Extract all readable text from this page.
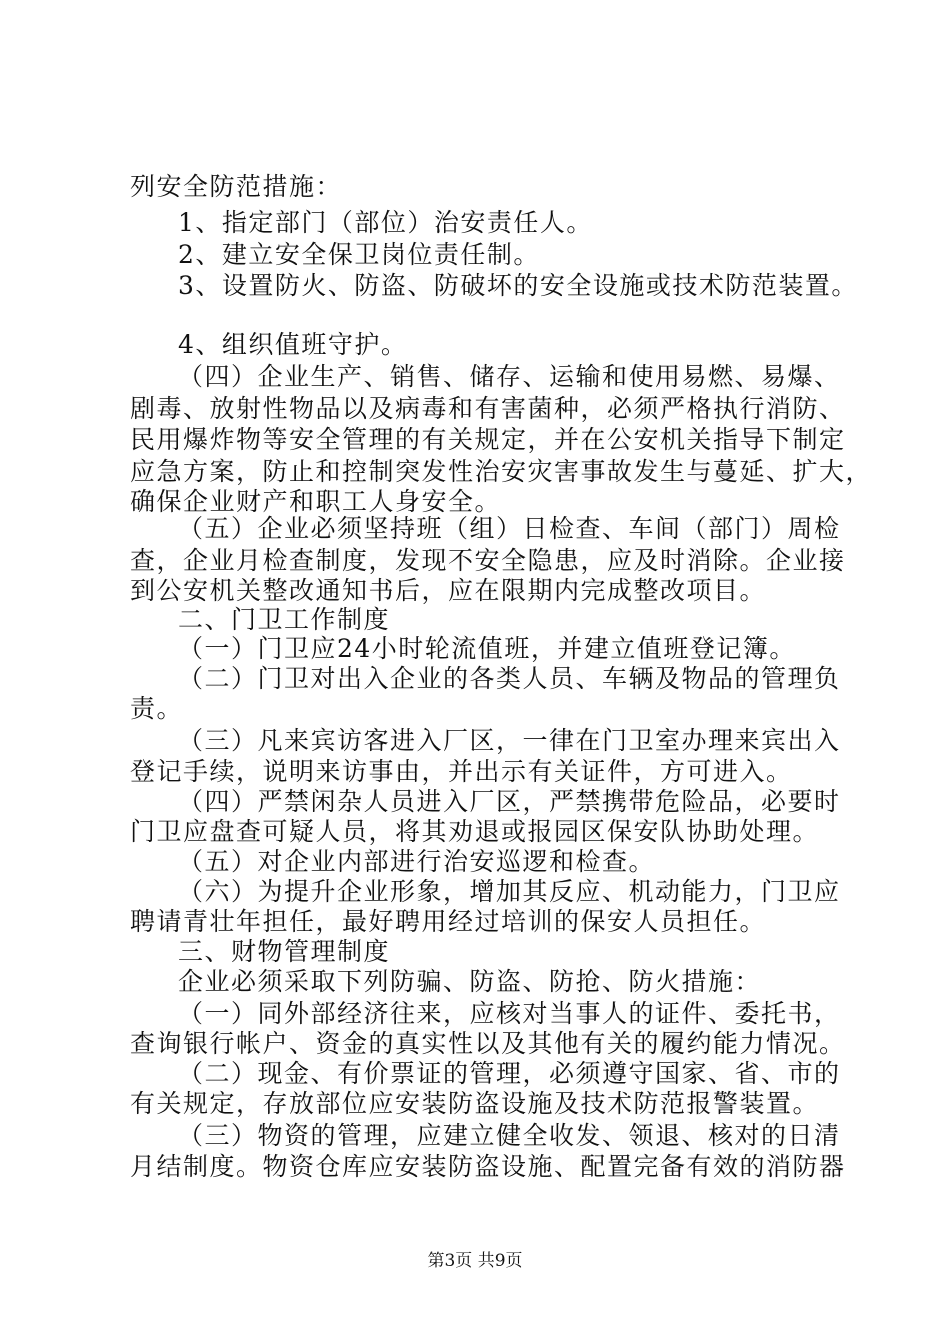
列安全防范措施：
1、指定部门（部位）治安责任人。
2、建立安全保卫岗位责任制。
3、设置防火、防盗、防破坏的安全设施或技术防范装置。
4、组织值班守护。
（四）企业生产、销售、储存、运输和使用易燃、易爆、
剧毒、放射性物品以及病毒和有害菌种，必须严格执行消防、
民用爆炸物等安全管理的有关规定，并在公安机关指导下制定
应急方案，防止和控制突发性治安灾害事故发生与蔓延、扩大，
确保企业财产和职工人身安全。
（五）企业必须坚持班（组）日检查、车间（部门）周检
查，企业月检查制度，发现不安全隐患，应及时消除。企业接
到公安机关整改通知书后，应在限期内完成整改项目。
二、门卫工作制度
（一）门卫应24小时轮流值班，并建立值班登记簿。
（二）门卫对出入企业的各类人员、车辆及物品的管理负
责。
（三）凡来宾访客进入厂区，一律在门卫室办理来宾出入
登记手续，说明来访事由，并出示有关证件，方可进入。
（四）严禁闲杂人员进入厂区，严禁携带危险品，必要时
门卫应盘查可疑人员，将其劝退或报园区保安队协助处理。
（五）对企业内部进行治安巡逻和检查。
（六）为提升企业形象，增加其反应、机动能力，门卫应
聘请青壮年担任，最好聘用经过培训的保安人员担任。
三、财物管理制度
企业必须采取下列防骗、防盗、防抢、防火措施：
（一）同外部经济往来，应核对当事人的证件、委托书，
查询银行帐户、资金的真实性以及其他有关的履约能力情况。
（二）现金、有价票证的管理，必须遵守国家、省、市的
有关规定，存放部位应安装防盗设施及技术防范报警装置。
（三）物资的管理，应建立健全收发、领退、核对的日清
月结制度。物资仓库应安装防盗设施、配置完备有效的消防器
第3页 共9页
